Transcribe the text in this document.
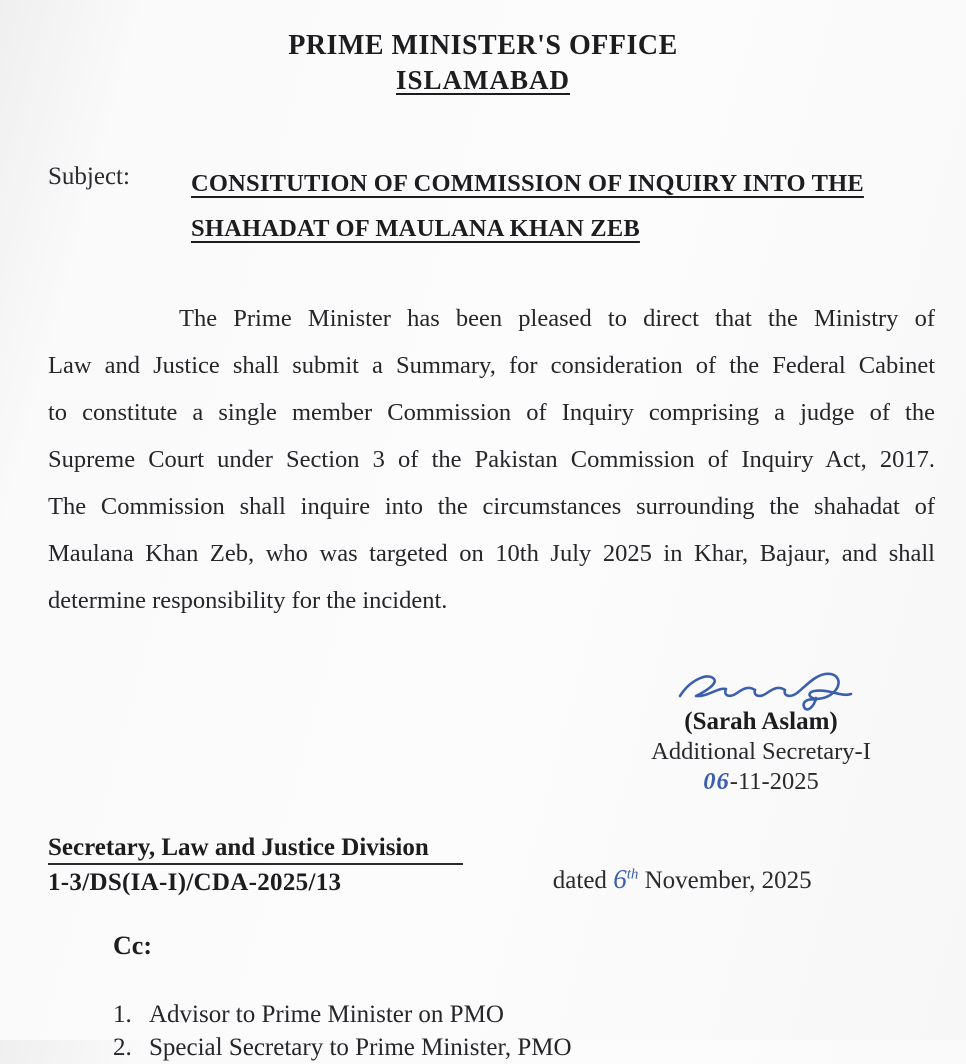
PRIME MINISTER'S OFFICE
ISLAMABAD
Subject:	CONSITUTION OF COMMISSION OF INQUIRY INTO THE
SHAHADAT OF MAULANA KHAN ZEB
The Prime Minister has been pleased to direct that the Ministry of
Law and Justice shall submit a Summary, for consideration of the Federal Cabinet
to constitute a single member Commission of Inquiry comprising a judge of the
Supreme Court under Section 3 of the Pakistan Commission of Inquiry Act, 2017.
The Commission shall inquire into the circumstances surrounding the shahadat of
Maulana Khan Zeb, who was targeted on 10th July 2025 in Khar, Bajaur, and shall
determine responsibility for the incident.
(Sarah Aslam)
Additional Secretary-I
06-11-2025
Secretary, Law and Justice Division
1-3/DS(IA-I)/CDA-2025/13	dated 6th November, 2025
Cc:
1. Advisor to Prime Minister on PMO
2. Special Secretary to Prime Minister, PMO
